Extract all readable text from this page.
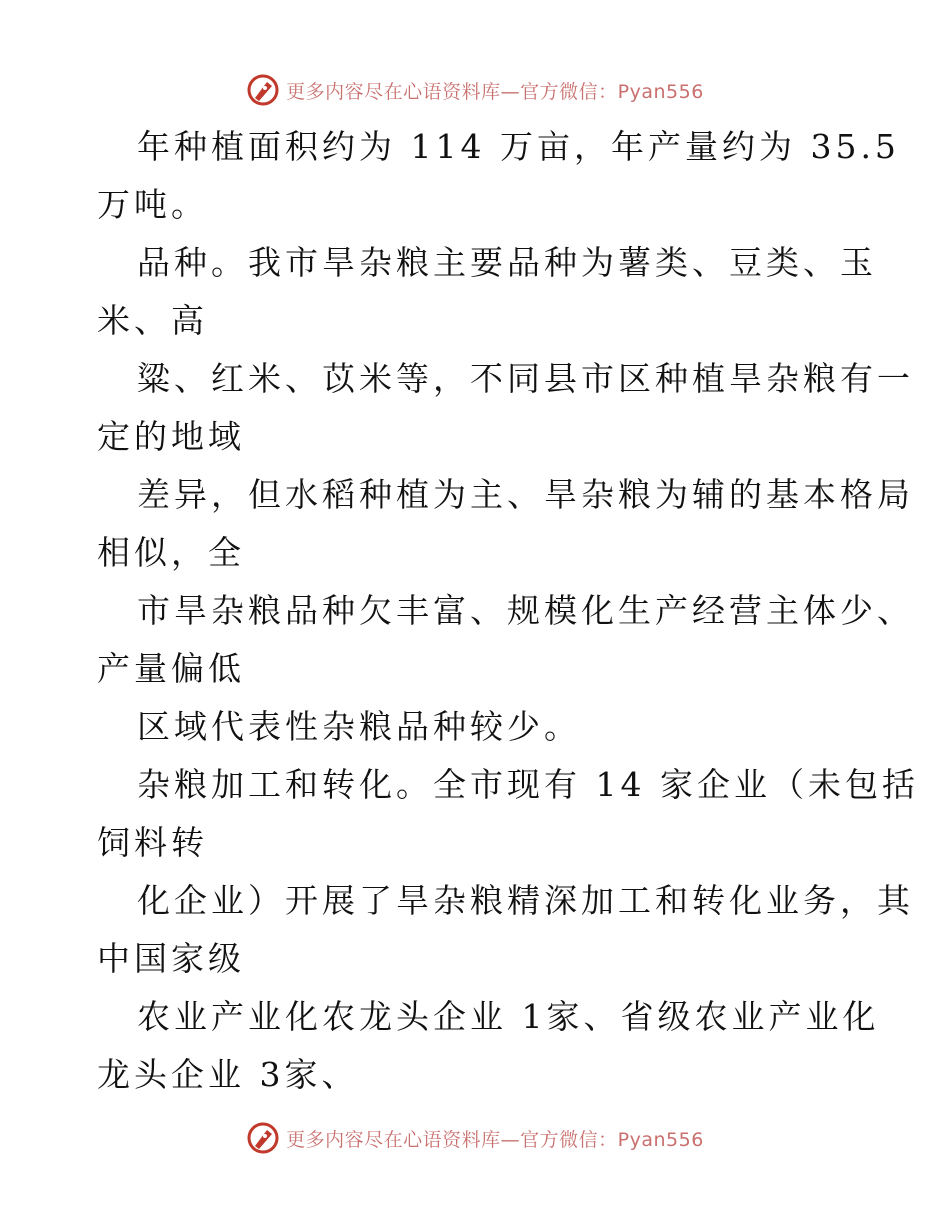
更多内容尽在心语资料库—官方微信：Pyan556
年种植面积约为 114 万亩，年产量约为 35.5
万吨。
品种。我市旱杂粮主要品种为薯类、豆类、玉
米、高
粱、红米、苡米等，不同县市区种植旱杂粮有一
定的地域
差异，但水稻种植为主、旱杂粮为辅的基本格局
相似，全
市旱杂粮品种欠丰富、规模化生产经营主体少、
产量偏低
区域代表性杂粮品种较少。
杂粮加工和转化。全市现有 14 家企业（未包括
饲料转
化企业）开展了旱杂粮精深加工和转化业务，其
中国家级
农业产业化农龙头企业 1家、省级农业产业化
龙头企业 3家、
更多内容尽在心语资料库—官方微信：Pyan556
